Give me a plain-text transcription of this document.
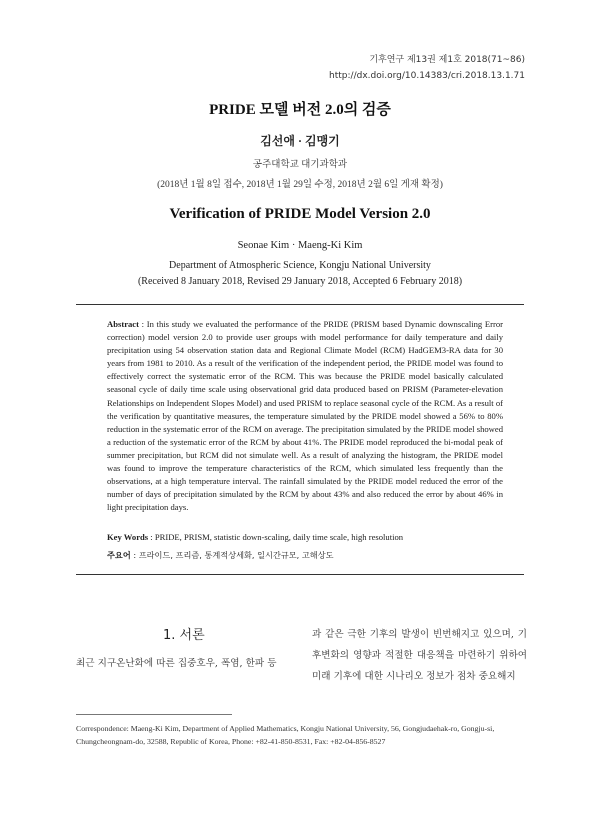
기후연구 제13권 제1호 2018(71~86)
http://dx.doi.org/10.14383/cri.2018.13.1.71
PRIDE 모델 버전 2.0의 검증
김선애 · 김맹기
공주대학교 대기과학과
(2018년 1월 8일 접수, 2018년 1월 29일 수정, 2018년 2월 6일 게재 확정)
Verification of PRIDE Model Version 2.0
Seonae Kim · Maeng-Ki Kim
Department of Atmospheric Science, Kongju National University
(Received 8 January 2018, Revised 29 January 2018, Accepted 6 February 2018)
Abstract : In this study we evaluated the performance of the PRIDE (PRISM based Dynamic downscaling Error correction) model version 2.0 to provide user groups with model performance for daily temperature and daily precipitation using 54 observation station data and Regional Climate Model (RCM) HadGEM3-RA data for 30 years from 1981 to 2010. As a result of the verification of the independent period, the PRIDE model was found to effectively correct the systematic error of the RCM. This was because the PRIDE model basically calculated seasonal cycle of daily time scale using observational grid data produced based on PRISM (Parameter-elevation Relationships on Independent Slopes Model) and used PRISM to replace seasonal cycle of the RCM. As a result of the verification by quantitative measures, the temperature simulated by the PRIDE model showed a 56% to 80% reduction in the systematic error of the RCM on average. The precipitation simulated by the PRIDE model showed a reduction of the systematic error of the RCM by about 41%. The PRIDE model reproduced the bi-modal peak of summer precipitation, but RCM did not simulate well. As a result of analyzing the histogram, the PRIDE model was found to improve the temperature characteristics of the RCM, which simulated less frequently than the observations, at a high temperature interval. The rainfall simulated by the PRIDE model reduced the error of the number of days of precipitation simulated by the RCM by about 43% and also reduced the error by about 46% in light precipitation days.
Key Words : PRIDE, PRISM, statistic down-scaling, daily time scale, high resolution
주요어 : 프라이드, 프리즘, 통계적상세화, 일시간규모, 고해상도
1. 서론
최근 지구온난화에 따른 집중호우, 폭염, 한파 등
과 같은 극한 기후의 발생이 빈번해지고 있으며, 기후변화의 영향과 적절한 대응책을 마련하기 위하여 미래 기후에 대한 시나리오 정보가 점차 중요해지
Correspondence: Maeng-Ki Kim, Department of Applied Mathematics, Kongju National University, 56, Gongjudaehak-ro, Gongju-si, Chungcheongnam-do, 32588, Republic of Korea, Phone: +82-41-850-8531, Fax: +82-04-856-8527
